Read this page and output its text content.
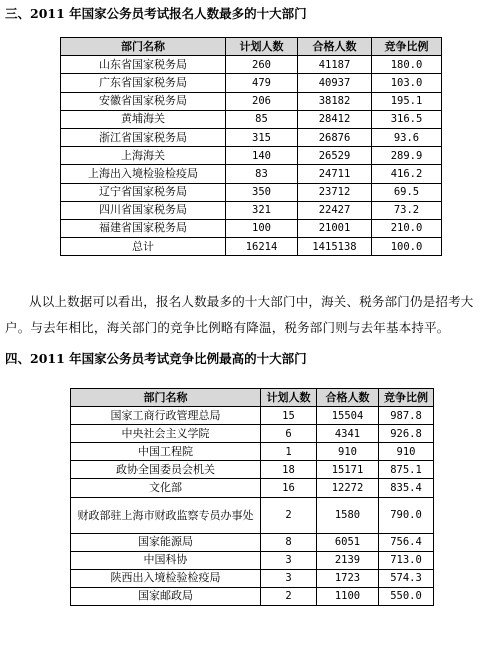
三、2011 年国家公务员考试报名人数最多的十大部门
部门名称	计划人数	合格人数	竞争比例
山东省国家税务局	260	41187	180.0
广东省国家税务局	479	40937	103.0
安徽省国家税务局	206	38182	195.1
黄埔海关	85	28412	316.5
浙江省国家税务局	315	26876	93.6
上海海关	140	26529	289.9
上海出入境检验检疫局	83	24711	416.2
辽宁省国家税务局	350	23712	69.5
四川省国家税务局	321	22427	73.2
福建省国家税务局	100	21001	210.0
总计	16214	1415138	100.0
从以上数据可以看出，报名人数最多的十大部门中，海关、税务部门仍是招考大户。与去年相比，海关部门的竞争比例略有降温，税务部门则与去年基本持平。
四、2011 年国家公务员考试竞争比例最高的十大部门
部门名称	计划人数	合格人数	竞争比例
国家工商行政管理总局	15	15504	987.8
中央社会主义学院	6	4341	926.8
中国工程院	1	910	910
政协全国委员会机关	18	15171	875.1
文化部	16	12272	835.4
财政部驻上海市财政监察专员办事处	2	1580	790.0
国家能源局	8	6051	756.4
中国科协	3	2139	713.0
陕西出入境检验检疫局	3	1723	574.3
国家邮政局	2	1100	550.0
